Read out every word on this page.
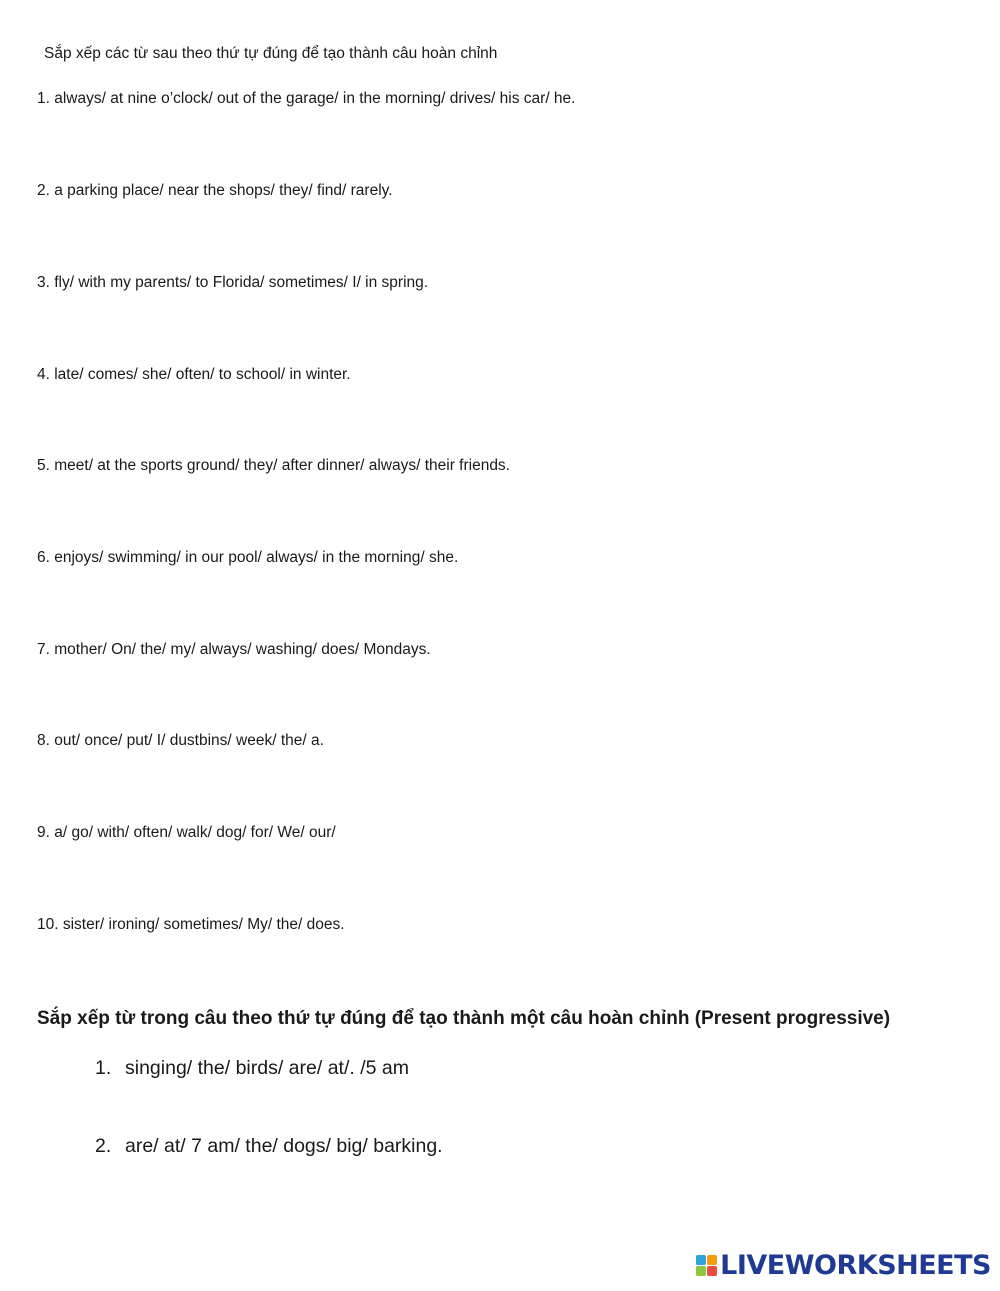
Sắp xếp các từ sau theo thứ tự đúng để tạo thành câu hoàn chỉnh
1. always/ at nine o’clock/ out of the garage/ in the morning/ drives/ his car/ he.
2. a parking place/ near the shops/ they/ find/ rarely.
3. fly/ with my parents/ to Florida/ sometimes/ I/ in spring.
4. late/ comes/ she/ often/ to school/ in winter.
5. meet/ at the sports ground/ they/ after dinner/ always/ their friends.
6. enjoys/ swimming/ in our pool/ always/ in the morning/ she.
7. mother/ On/ the/ my/ always/ washing/ does/ Mondays.
8. out/ once/ put/ I/ dustbins/ week/ the/ a.
9. a/ go/ with/ often/ walk/ dog/ for/ We/ our/
10. sister/ ironing/ sometimes/ My/ the/ does.
Sắp xếp từ trong câu theo thứ tự đúng để tạo thành một câu hoàn chỉnh (Present progressive)
1. singing/ the/ birds/ are/ at/. /5 am
2. are/ at/ 7 am/ the/ dogs/ big/ barking.
LIVEWORKSHEETS
